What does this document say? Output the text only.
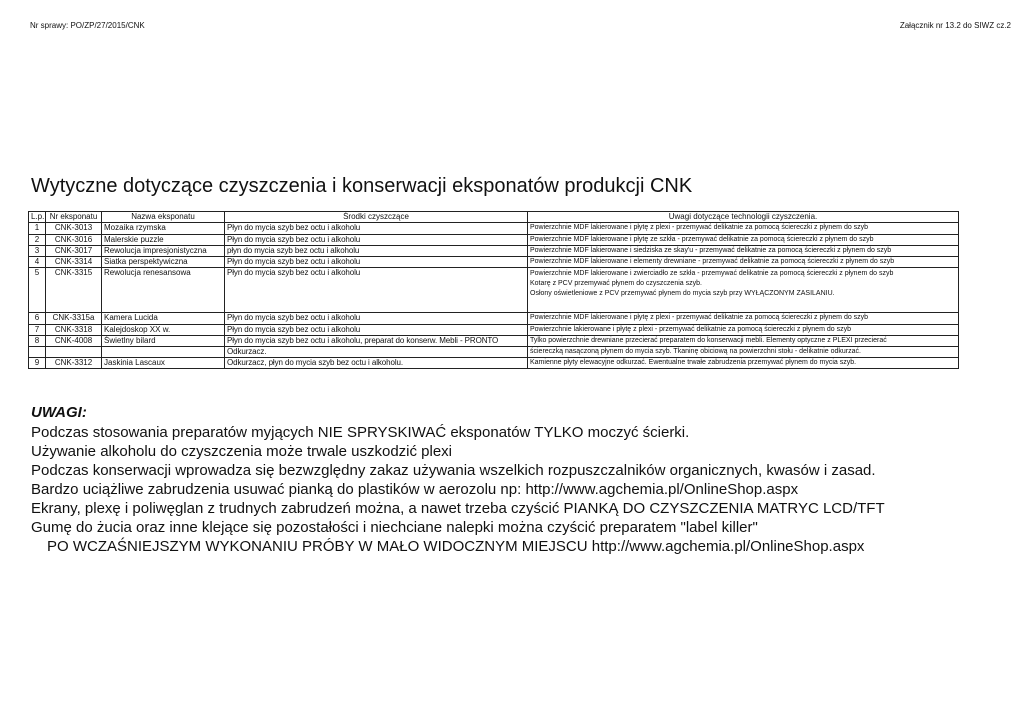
Nr sprawy: PO/ZP/27/2015/CNK	Załącznik nr 13.2 do SIWZ cz.2
Wytyczne dotyczące czyszczenia i konserwacji eksponatów produkcji CNK
L.p.	Nr eksponatu	Nazwa eksponatu	Środki czyszczące	Uwagi dotyczące technologii czyszczenia.
1	CNK-3013	Mozaika rzymska	Płyn do mycia szyb bez octu i alkoholu	Powierzchnie MDF lakierowane i płytę z plexi - przemywać delikatnie za pomocą ściereczki z płynem do szyb

2	CNK-3016	Malerskie puzzle	Płyn do mycia szyb bez octu i alkoholu	Powierzchnie MDF lakierowane i płytę ze szkła - przemywać delikatnie za pomocą ściereczki z płynem do szyb

3	CNK-3017	Rewolucja impresjonistyczna	płyn do mycia szyb bez octu i alkoholu	Powierzchnie MDF lakierowane i siedziska ze skay'u - przemywać delikatnie za pomocą ściereczki z płynem do szyb

4	CNK-3314	Siatka perspektywiczna	Płyn do mycia szyb bez octu i alkoholu	Powierzchnie MDF lakierowane i elementy drewniane - przemywać delikatnie za pomocą ściereczki z płynem do szyb

5	CNK-3315	Rewolucja renesansowa	Płyn do mycia szyb bez octu i alkoholu	Powierzchnie MDF lakierowane i zwierciadło ze szkła - przemywać delikatnie za pomocą ściereczki z płynem do szyb
Kotarę z PCV przemywać płynem do czyszczenia szyb.
Osłony oświetleniowe z PCV przemywać płynem do mycia szyb przy WYŁĄCZONYM ZASILANIU.

6	CNK-3315a	Kamera Lucida	Płyn do mycia szyb bez octu i alkoholu	Powierzchnie MDF lakierowane i płytę z plexi - przemywać delikatnie za pomocą ściereczki z płynem do szyb

7	CNK-3318	Kalejdoskop XX w.	Płyn do mycia szyb bez octu i alkoholu	Powierzchnie lakierowane i płytę z plexi - przemywać delikatnie za pomocą ściereczki z płynem do szyb

8	CNK-4008	Świetlny bilard	Płyn do mycia szyb bez octu i alkoholu, preparat do konserw. Mebli - PRONTO	Tylko powierzchnie drewniane przecierać preparatem do konserwacji mebli. Elementy optyczne z PLEXI przecierać

			Odkurzacz.	ściereczką nasączoną płynem do mycia szyb. Tkaninę obiciową na powierzchni stołu - delikatnie odkurzać.

9	CNK-3312	Jaskinia Lascaux	Odkurzacz, płyn do mycia szyb bez octu i alkoholu.	Kamienne płyty elewacyjne odkurzać. Ewentualne trwałe zabrudzenia przemywać płynem do mycia szyb.
UWAGI:
Podczas stosowania preparatów myjących NIE SPRYSKIWAĆ eksponatów TYLKO moczyć ścierki.
Używanie alkoholu do czyszczenia może trwale uszkodzić plexi
Podczas konserwacji wprowadza się bezwzględny zakaz używania wszelkich rozpuszczalników organicznych, kwasów i zasad.
Bardzo uciążliwe zabrudzenia usuwać pianką do plastików w aerozolu np: http://www.agchemia.pl/OnlineShop.aspx
Ekrany, plexę i poliwęglan z trudnych zabrudzeń można, a nawet trzeba czyścić PIANKĄ DO CZYSZCZENIA MATRYC LCD/TFT
Gumę do żucia oraz inne klejące się pozostałości i niechciane nalepki można czyścić preparatem "label killer"
PO WCZAŚNIEJSZYM WYKONANIU PRÓBY W MAŁO WIDOCZNYM MIEJSCU http://www.agchemia.pl/OnlineShop.aspx
